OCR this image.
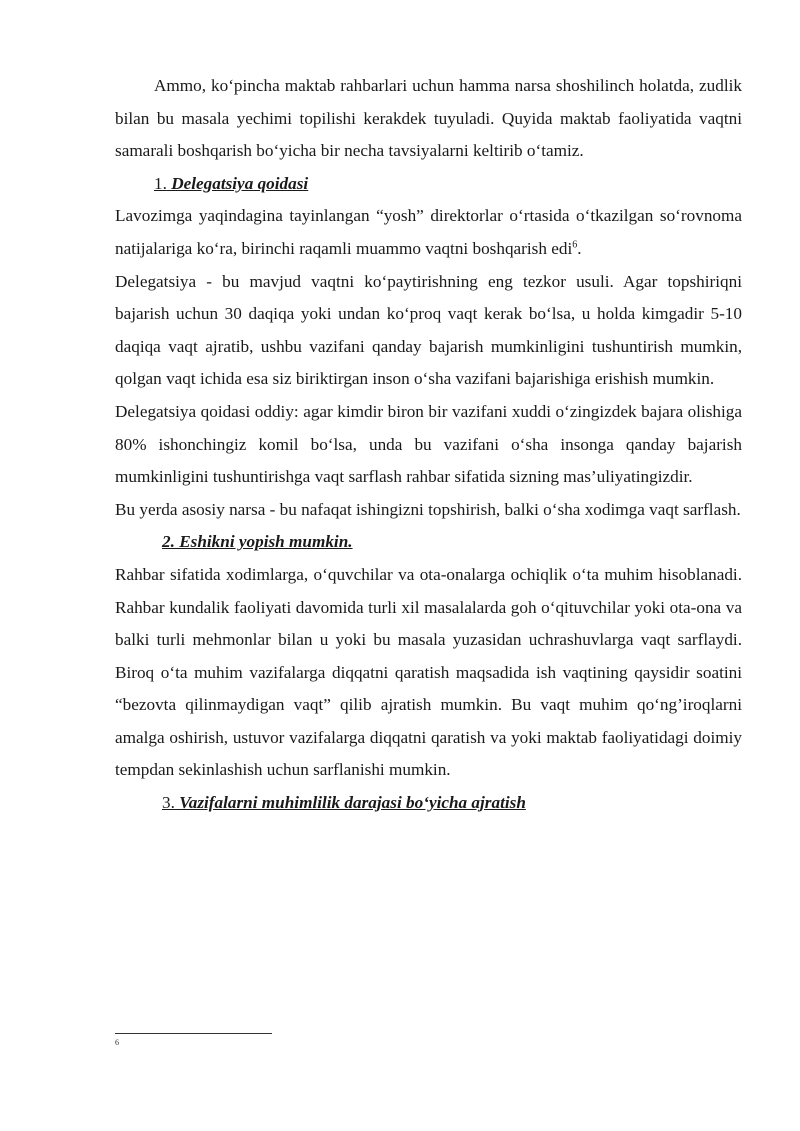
Ammo, ko‘pincha maktab rahbarlari uchun hamma narsa shoshilinch holatda, zudlik bilan bu masala yechimi topilishi kerakdek tuyuladi. Quyida maktab faoliyatida vaqtni samarali boshqarish bo‘yicha bir necha tavsiyalarni keltirib o‘tamiz.

1. Delegatsiya qoidasi

Lavozimga yaqindagina tayinlangan “yosh” direktorlar o‘rtasida o‘tkazilgan so‘rovnoma natijalariga ko‘ra, birinchi raqamli muammo vaqtni boshqarish edi$^6$.

Delegatsiya - bu mavjud vaqtni ko‘paytirishning eng tezkor usuli. Agar topshiriqni bajarish uchun 30 daqiqa yoki undan ko‘proq vaqt kerak bo‘lsa, u holda kimgadir 5-10 daqiqa vaqt ajratib, ushbu vazifani qanday bajarish mumkinligini tushuntirish mumkin, qolgan vaqt ichida esa siz biriktirgan inson o‘sha vazifani bajarishiga erishish mumkin.

Delegatsiya qoidasi oddiy: agar kimdir biron bir vazifani xuddi o‘zingizdek bajara olishiga 80% ishonchingiz komil bo‘lsa, unda bu vazifani o‘sha insonga qanday bajarish mumkinligini tushuntirishga vaqt sarflash rahbar sifatida sizning mas’uliyatingizdir.

Bu yerda asosiy narsa - bu nafaqat ishingizni topshirish, balki o‘sha xodimga vaqt sarflash.

2. Eshikni yopish mumkin.

Rahbar sifatida xodimlarga, o‘quvchilar va ota-onalarga ochiqlik o‘ta muhim hisoblanadi. Rahbar kundalik faoliyati davomida turli xil masalalarda goh o‘qituvchilar yoki ota-ona va balki turli mehmonlar bilan u yoki bu masala yuzasidan uchrashuvlarga vaqt sarflaydi. Biroq o‘ta muhim vazifalarga diqqatni qaratish maqsadida ish vaqtining qaysidir soatini “bezovta qilinmaydigan vaqt” qilib ajratish mumkin. Bu vaqt muhim qo‘ng’iroqlarni amalga oshirish, ustuvor vazifalarga diqqatni qaratish va yoki maktab faoliyatidagi doimiy tempdan sekinlashish uchun sarflanishi mumkin.

3. Vazifalarni muhimlilik darajasi bo‘yicha ajratish

6
